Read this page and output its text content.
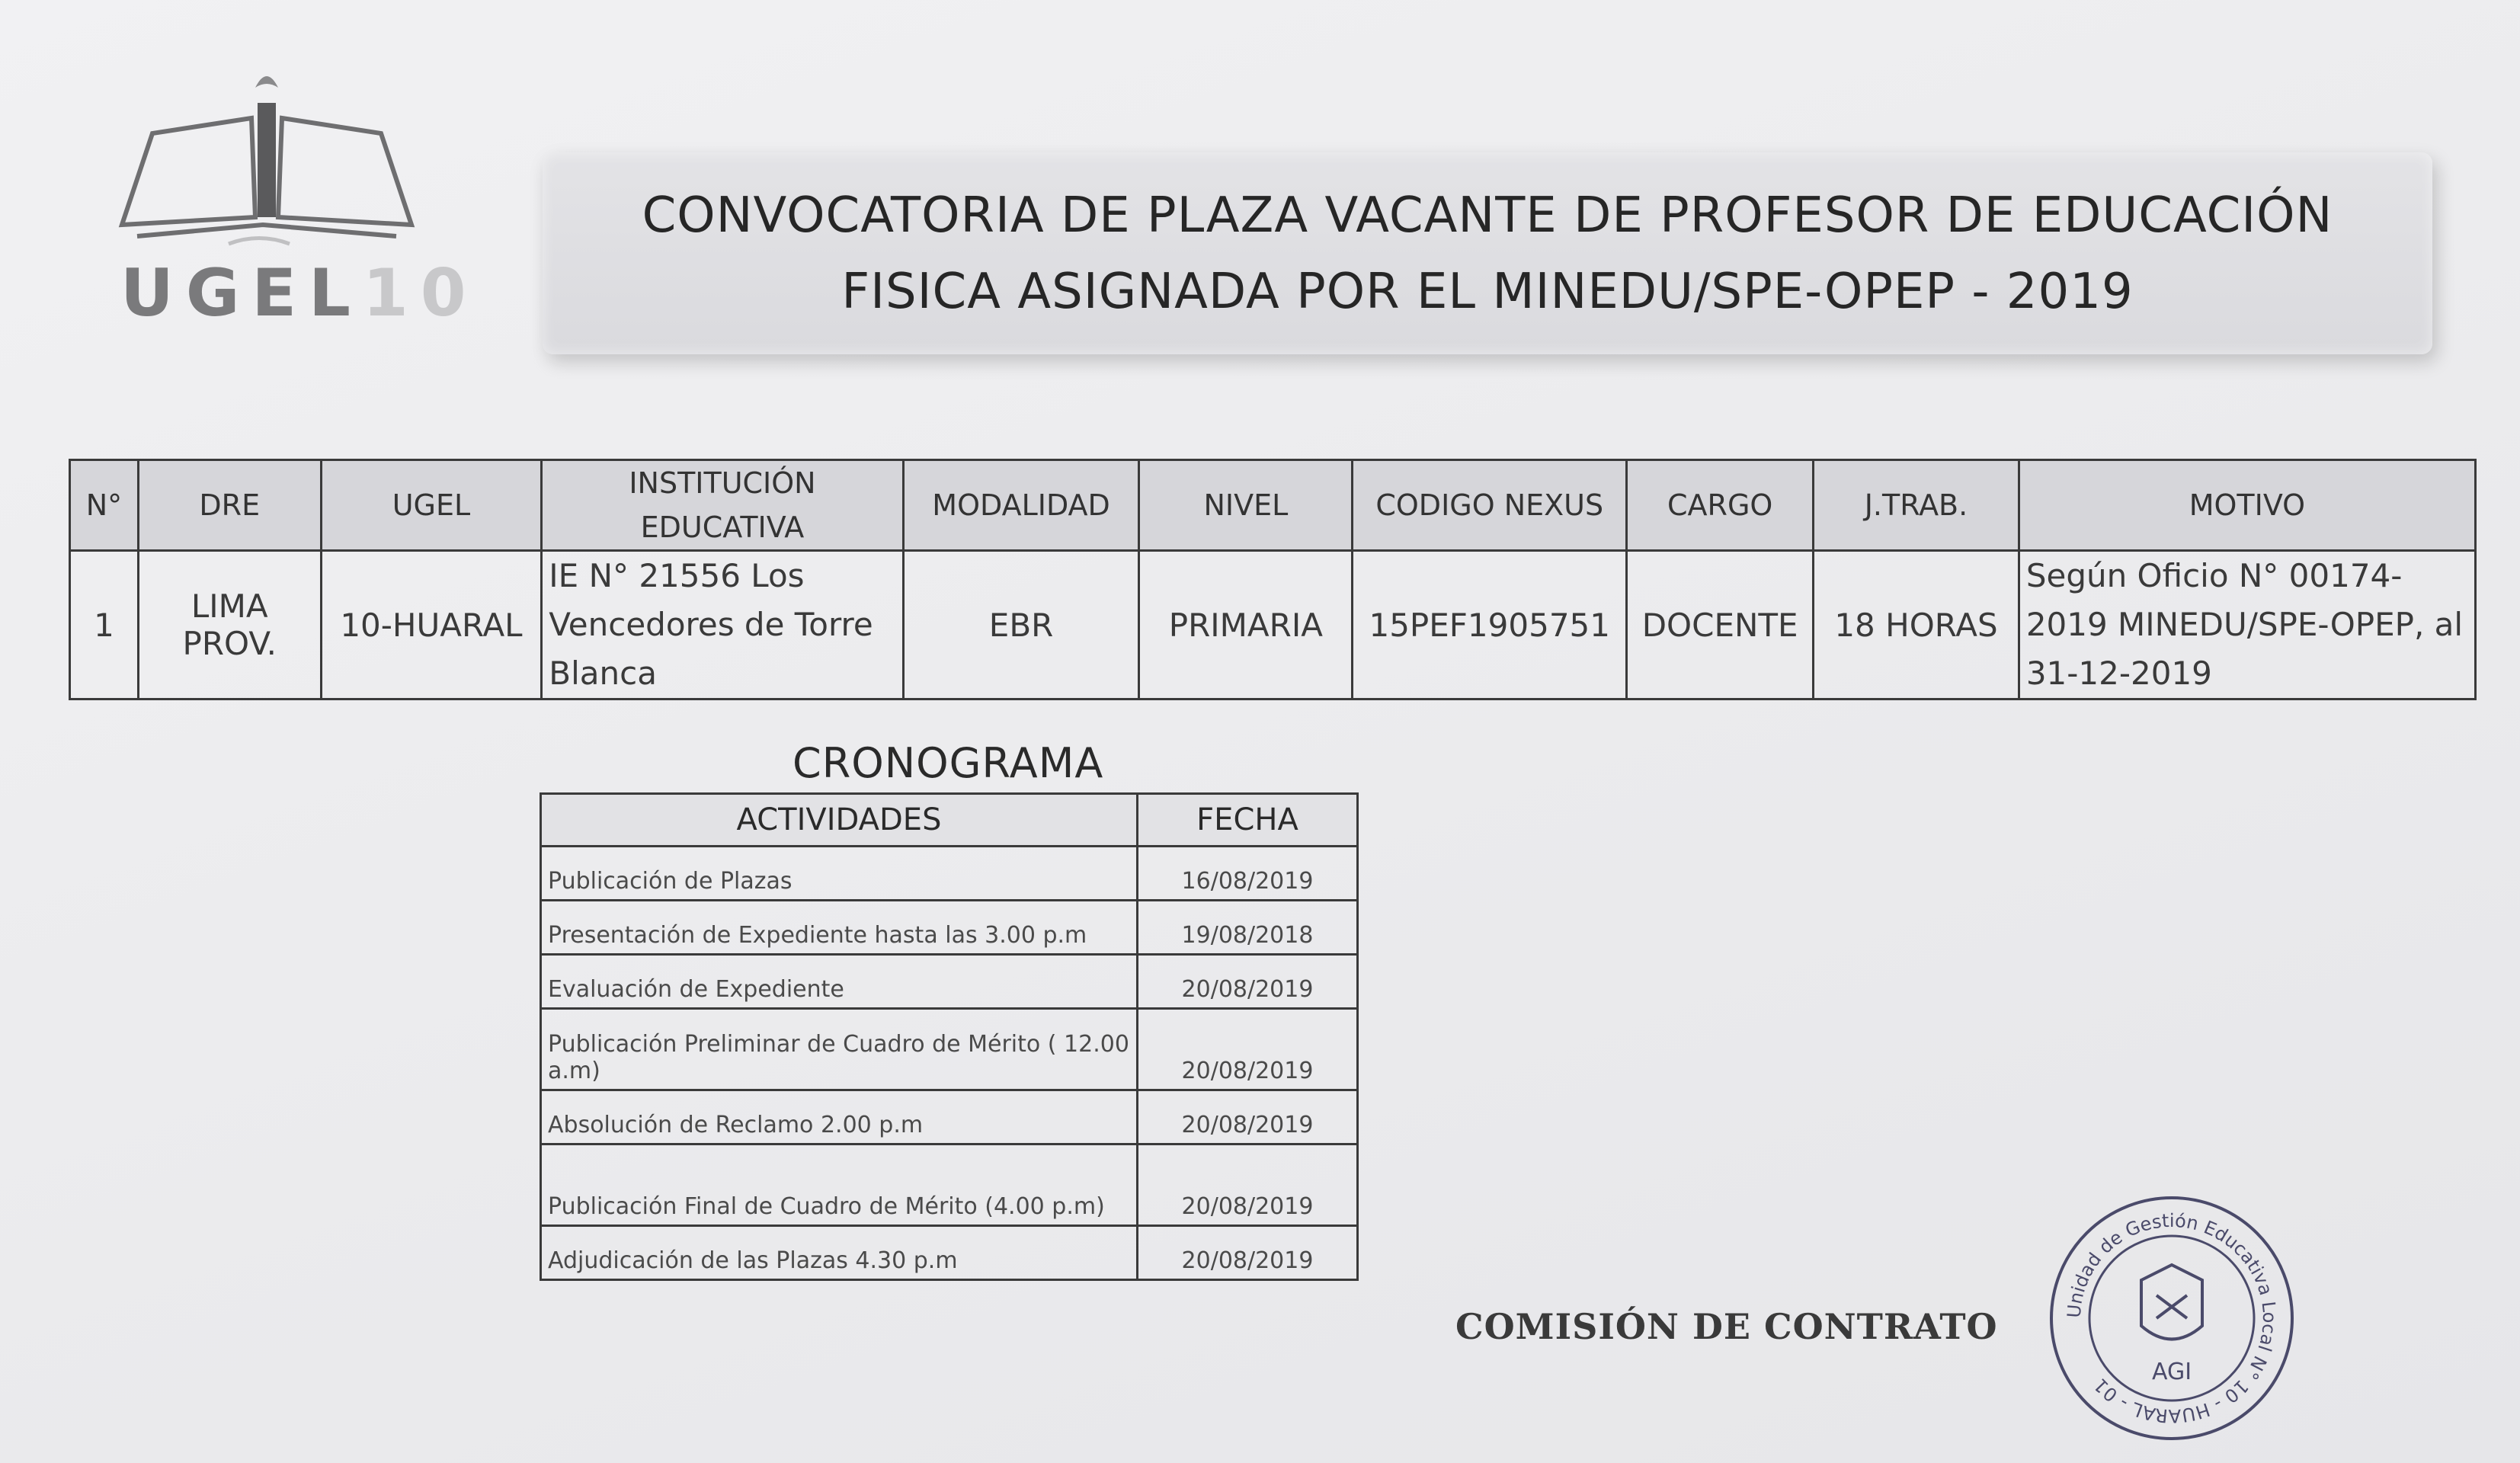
UGEL10
CONVOCATORIA DE PLAZA VACANTE DE PROFESOR DE EDUCACIÓN
FISICA ASIGNADA POR EL MINEDU/SPE-OPEP - 2019
N°	DRE	UGEL	INSTITUCIÓN EDUCATIVA	MODALIDAD	NIVEL	CODIGO NEXUS	CARGO	J.TRAB.	MOTIVO
1	LIMA PROV.	10-HUARAL	IE N° 21556 Los Vencedores de Torre Blanca	EBR	PRIMARIA	15PEF1905751	DOCENTE	18 HORAS	Según Oficio N° 00174-2019 MINEDU/SPE-OPEP, al 31-12-2019
CRONOGRAMA
ACTIVIDADES	FECHA
Publicación de Plazas	16/08/2019
Presentación de Expediente hasta las 3.00 p.m	19/08/2018
Evaluación de Expediente	20/08/2019
Publicación Preliminar de Cuadro de Mérito ( 12.00 a.m)	20/08/2019
Absolución de Reclamo 2.00 p.m	20/08/2019
Publicación Final de Cuadro de Mérito (4.00 p.m)	20/08/2019
Adjudicación de las Plazas 4.30 p.m	20/08/2019
COMISIÓN DE CONTRATO	Unidad de Gestión Educativa Local N° 10 - HUARAL - 01
AGI
